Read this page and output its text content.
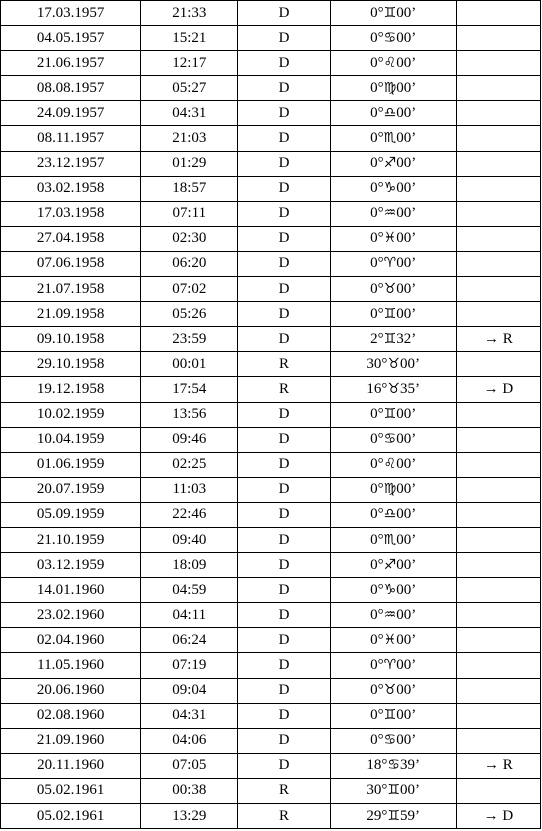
17.03.1957	21:33	D	0°♊00’	
04.05.1957	15:21	D	0°♋00’	
21.06.1957	12:17	D	0°♌00’	
08.08.1957	05:27	D	0°♍00’	
24.09.1957	04:31	D	0°♎00’	
08.11.1957	21:03	D	0°♏00’	
23.12.1957	01:29	D	0°♐00’	
03.02.1958	18:57	D	0°♑00’	
17.03.1958	07:11	D	0°♒00’	
27.04.1958	02:30	D	0°♓00’	
07.06.1958	06:20	D	0°♈00’	
21.07.1958	07:02	D	0°♉00’	
21.09.1958	05:26	D	0°♊00’	
09.10.1958	23:59	D	2°♊32’	→ R
29.10.1958	00:01	R	30°♉00’	
19.12.1958	17:54	R	16°♉35’	→ D
10.02.1959	13:56	D	0°♊00’	
10.04.1959	09:46	D	0°♋00’	
01.06.1959	02:25	D	0°♌00’	
20.07.1959	11:03	D	0°♍00’	
05.09.1959	22:46	D	0°♎00’	
21.10.1959	09:40	D	0°♏00’	
03.12.1959	18:09	D	0°♐00’	
14.01.1960	04:59	D	0°♑00’	
23.02.1960	04:11	D	0°♒00’	
02.04.1960	06:24	D	0°♓00’	
11.05.1960	07:19	D	0°♈00’	
20.06.1960	09:04	D	0°♉00’	
02.08.1960	04:31	D	0°♊00’	
21.09.1960	04:06	D	0°♋00’	
20.11.1960	07:05	D	18°♋39’	→ R
05.02.1961	00:38	R	30°♊00’	
05.02.1961	13:29	R	29°♊59’	→ D
